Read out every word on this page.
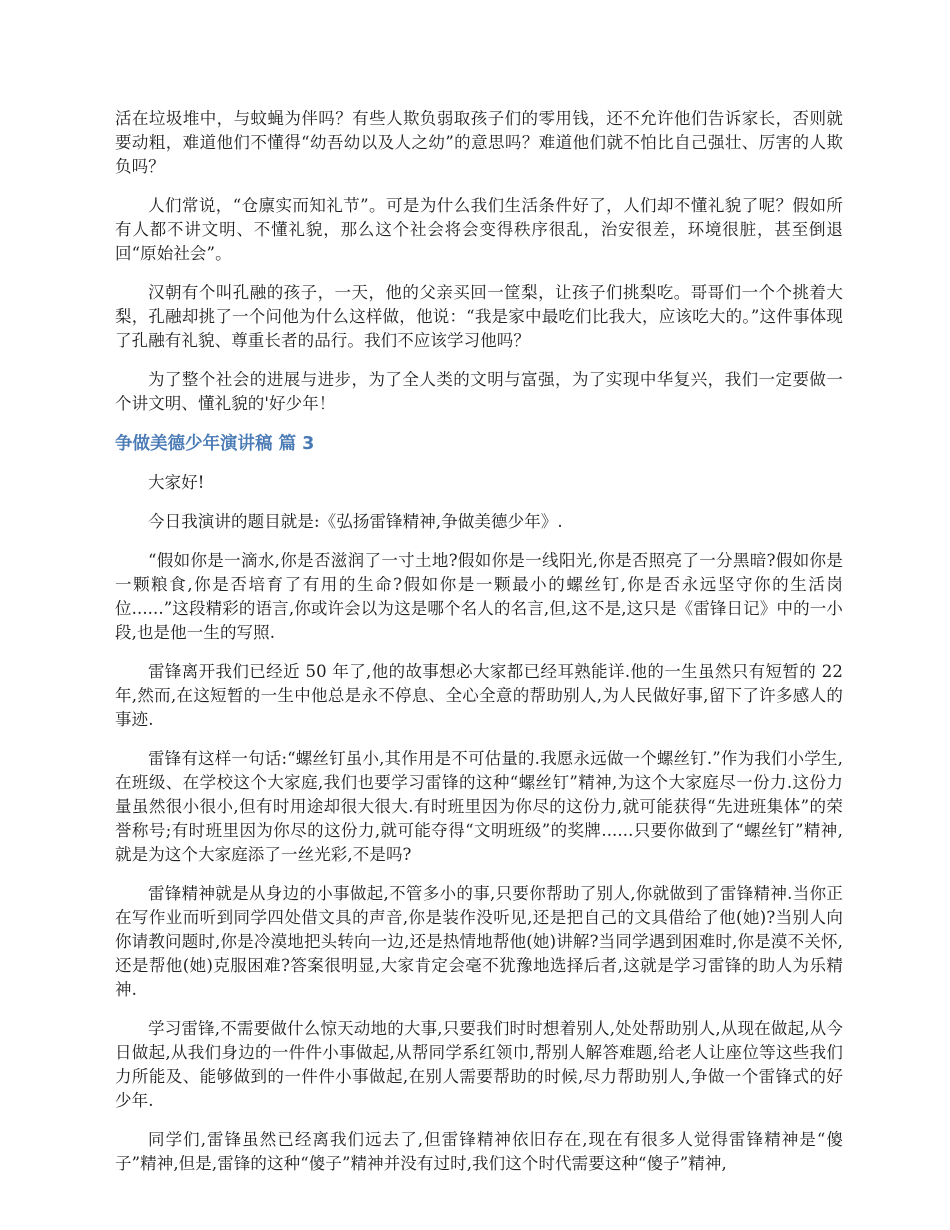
活在垃圾堆中，与蚊蝇为伴吗？有些人欺负弱取孩子们的零用钱，还不允许他们告诉家长，否则就要动粗，难道他们不懂得“幼吾幼以及人之幼”的意思吗？难道他们就不怕比自己强壮、厉害的人欺负吗？

人们常说，“仓廪实而知礼节”。可是为什么我们生活条件好了，人们却不懂礼貌了呢？假如所有人都不讲文明、不懂礼貌，那么这个社会将会变得秩序很乱，治安很差，环境很脏，甚至倒退回“原始社会”。

汉朝有个叫孔融的孩子，一天，他的父亲买回一筐梨，让孩子们挑梨吃。哥哥们一个个挑着大梨，孔融却挑了一个问他为什么这样做，他说：“我是家中最吃们比我大，应该吃大的。”这件事体现了孔融有礼貌、尊重长者的品行。我们不应该学习他吗？

为了整个社会的进展与进步，为了全人类的文明与富强，为了实现中华复兴，我们一定要做一个讲文明、懂礼貌的'好少年！

争做美德少年演讲稿 篇 3

大家好!

今日我演讲的题目就是:《弘扬雷锋精神,争做美德少年》.

“假如你是一滴水,你是否滋润了一寸土地?假如你是一线阳光,你是否照亮了一分黑暗?假如你是一颗粮食,你是否培育了有用的生命?假如你是一颗最小的螺丝钉,你是否永远坚守你的生活岗位......”这段精彩的语言,你或许会以为这是哪个名人的名言,但,这不是,这只是《雷锋日记》中的一小段,也是他一生的写照.

雷锋离开我们已经近 50 年了,他的故事想必大家都已经耳熟能详.他的一生虽然只有短暂的 22 年,然而,在这短暂的一生中他总是永不停息、全心全意的帮助别人,为人民做好事,留下了许多感人的事迹.

雷锋有这样一句话:“螺丝钉虽小,其作用是不可估量的.我愿永远做一个螺丝钉.”作为我们小学生,在班级、在学校这个大家庭,我们也要学习雷锋的这种“螺丝钉”精神,为这个大家庭尽一份力.这份力量虽然很小很小,但有时用途却很大很大.有时班里因为你尽的这份力,就可能获得“先进班集体”的荣誉称号;有时班里因为你尽的这份力,就可能夺得“文明班级”的奖牌......只要你做到了“螺丝钉”精神,就是为这个大家庭添了一丝光彩,不是吗?

雷锋精神就是从身边的小事做起,不管多小的事,只要你帮助了别人,你就做到了雷锋精神.当你正在写作业而听到同学四处借文具的声音,你是装作没听见,还是把自己的文具借给了他(她)?当别人向你请教问题时,你是冷漠地把头转向一边,还是热情地帮他(她)讲解?当同学遇到困难时,你是漠不关怀,还是帮他(她)克服困难?答案很明显,大家肯定会毫不犹豫地选择后者,这就是学习雷锋的助人为乐精神.

学习雷锋,不需要做什么惊天动地的大事,只要我们时时想着别人,处处帮助别人,从现在做起,从今日做起,从我们身边的一件件小事做起,从帮同学系红领巾,帮别人解答难题,给老人让座位等这些我们力所能及、能够做到的一件件小事做起,在别人需要帮助的时候,尽力帮助别人,争做一个雷锋式的好少年.

同学们,雷锋虽然已经离我们远去了,但雷锋精神依旧存在,现在有很多人觉得雷锋精神是“傻子”精神,但是,雷锋的这种“傻子”精神并没有过时,我们这个时代需要这种“傻子”精神,
